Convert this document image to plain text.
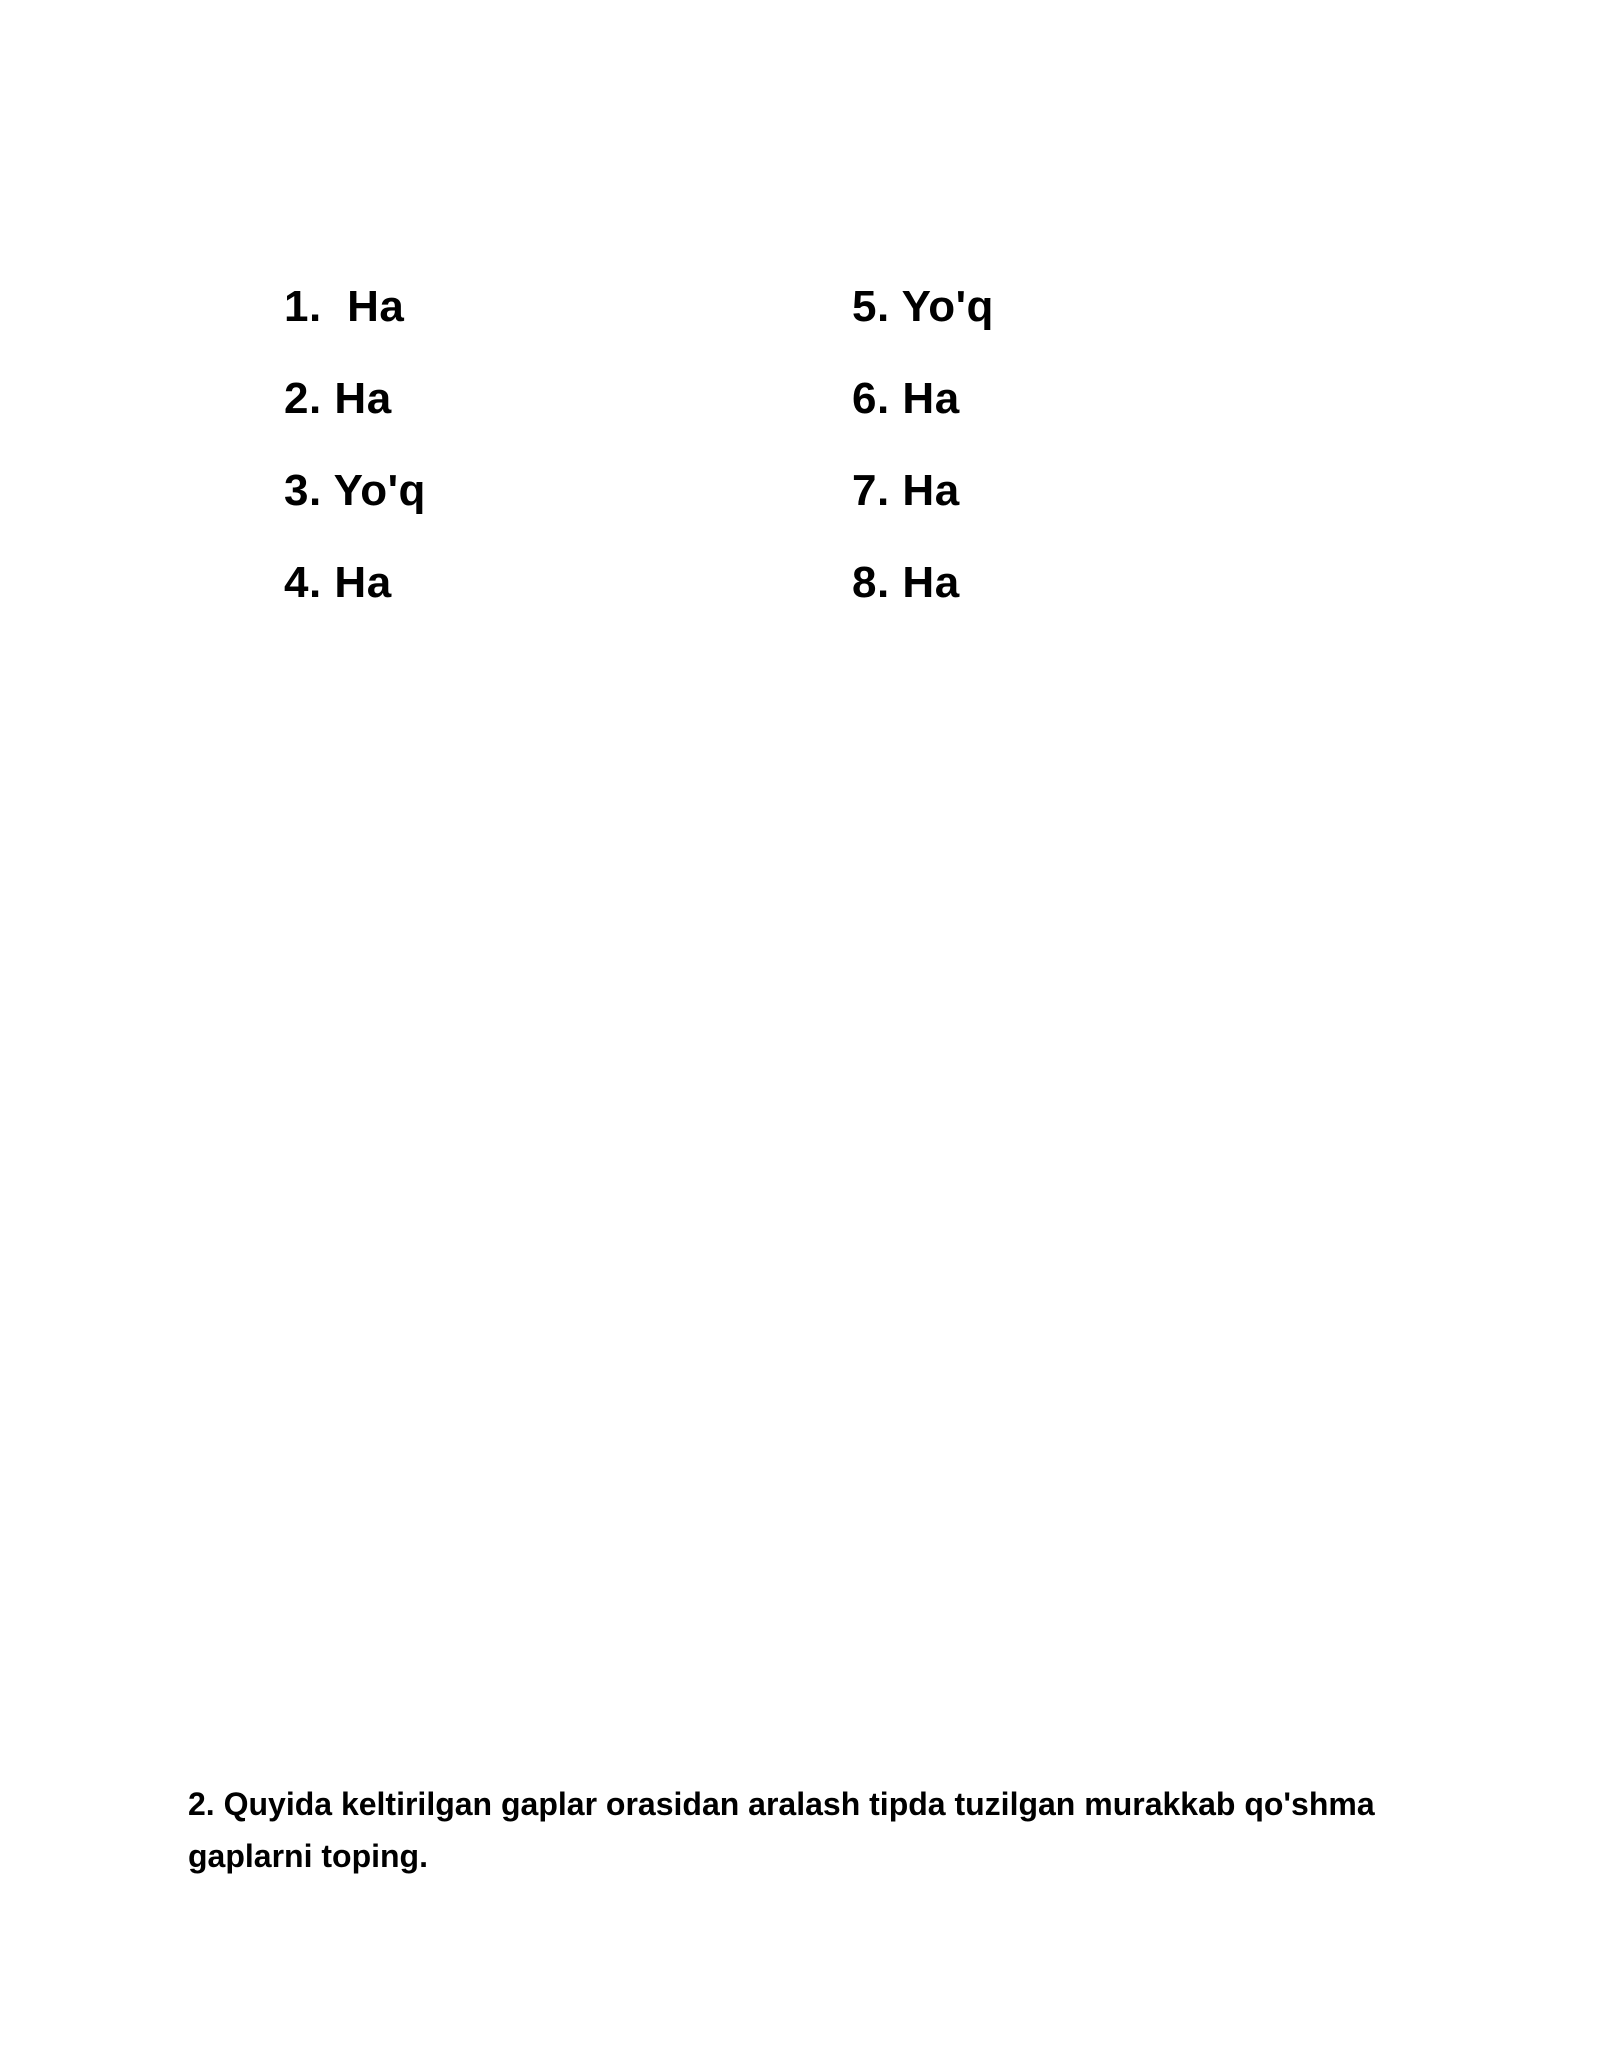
1.  Ha
2. Ha
3. Yo'q
4. Ha
5. Yo'q
6. Ha
7. Ha
8. Ha
2. Quyida keltirilgan gaplar orasidan aralash tipda tuzilgan murakkab qo'shma gaplarni toping.
